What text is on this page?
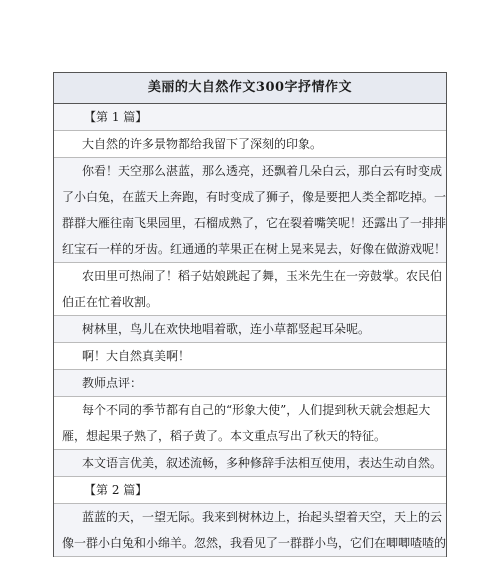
美丽的大自然作文300字抒情作文
【第 1 篇】
大自然的许多景物都给我留下了深刻的印象。
你看！天空那么湛蓝，那么透亮，还飘着几朵白云，那白云有时变成
了小白兔，在蓝天上奔跑，有时变成了狮子，像是要把人类全都吃掉。一
群群大雁往南飞果园里，石榴成熟了，它在裂着嘴笑呢！还露出了一排排
红宝石一样的牙齿。红通通的苹果正在树上晃来晃去，好像在做游戏呢！
农田里可热闹了！稻子姑娘跳起了舞，玉米先生在一旁鼓掌。农民伯
伯正在忙着收割。
树林里，鸟儿在欢快地唱着歌，连小草都竖起耳朵呢。
啊！大自然真美啊！
教师点评：
每个不同的季节都有自己的“形象大使”，人们提到秋天就会想起大
雁，想起果子熟了，稻子黄了。本文重点写出了秋天的特征。
本文语言优美，叙述流畅，多种修辞手法相互使用，表达生动自然。
【第 2 篇】
蓝蓝的天，一望无际。我来到树林边上，抬起头望着天空，天上的云
像一群小白兔和小绵羊。忽然，我看见了一群群小鸟，它们在唧唧喳喳的
